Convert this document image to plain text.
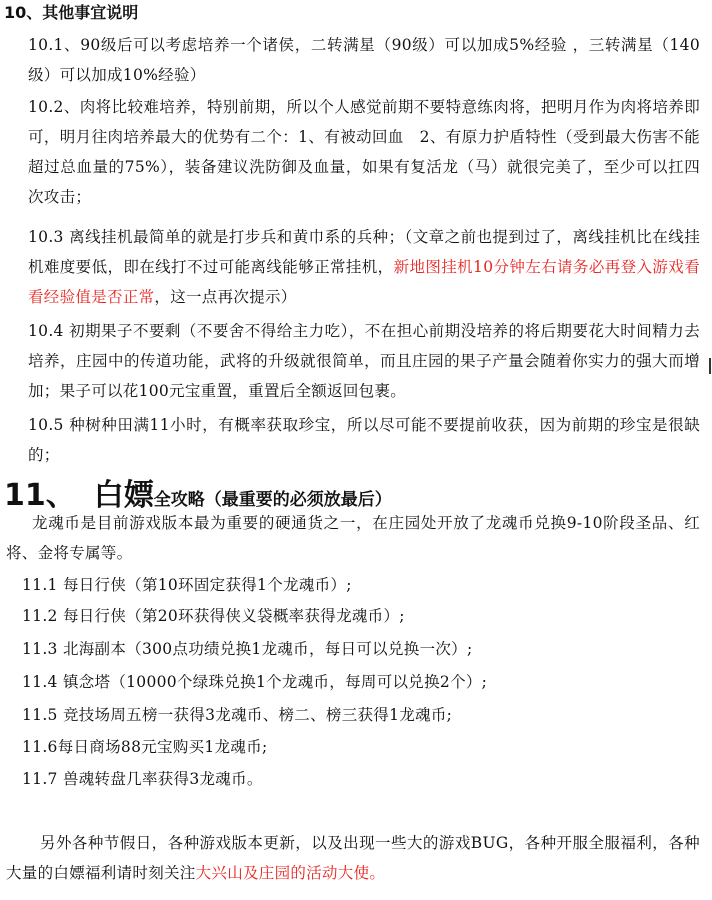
10、其他事宜说明
10.1、90级后可以考虑培养一个诸侯，二转满星（90级）可以加成5%经验 ，三转满星（140级）可以加成10%经验）
10.2、肉将比较难培养，特别前期，所以个人感觉前期不要特意练肉将，把明月作为肉将培养即可，明月往肉培养最大的优势有二个：1、有被动回血　2、有原力护盾特性（受到最大伤害不能超过总血量的75%），装备建议洗防御及血量，如果有复活龙（马）就很完美了，至少可以扛四次攻击；
10.3 离线挂机最简单的就是打步兵和黄巾系的兵种；（文章之前也提到过了，离线挂机比在线挂机难度要低，即在线打不过可能离线能够正常挂机，新地图挂机10分钟左右请务必再登入游戏看看经验值是否正常，这一点再次提示）
10.4 初期果子不要剩（不要舍不得给主力吃），不在担心前期没培养的将后期要花大时间精力去培养，庄园中的传道功能，武将的升级就很简单，而且庄园的果子产量会随着你实力的强大而增加；果子可以花100元宝重置，重置后全额返回包裹。
10.5 种树种田满11小时，有概率获取珍宝，所以尽可能不要提前收获，因为前期的珍宝是很缺的；
11、 白嫖全攻略（最重要的必须放最后）
龙魂币是目前游戏版本最为重要的硬通货之一，在庄园处开放了龙魂币兑换9-10阶段圣品、红将、金将专属等。
11.1 每日行侠（第10环固定获得1个龙魂币）;
11.2 每日行侠（第20环获得侠义袋概率获得龙魂币）;
11.3 北海副本（300点功绩兑换1龙魂币，每日可以兑换一次）;
11.4 镇念塔（10000个绿珠兑换1个龙魂币，每周可以兑换2个）;
11.5 竞技场周五榜一获得3龙魂币、榜二、榜三获得1龙魂币;
11.6每日商场88元宝购买1龙魂币;
11.7 兽魂转盘几率获得3龙魂币。
另外各种节假日，各种游戏版本更新，以及出现一些大的游戏BUG，各种开服全服福利，各种大量的白嫖福利请时刻关注大兴山及庄园的活动大使。
